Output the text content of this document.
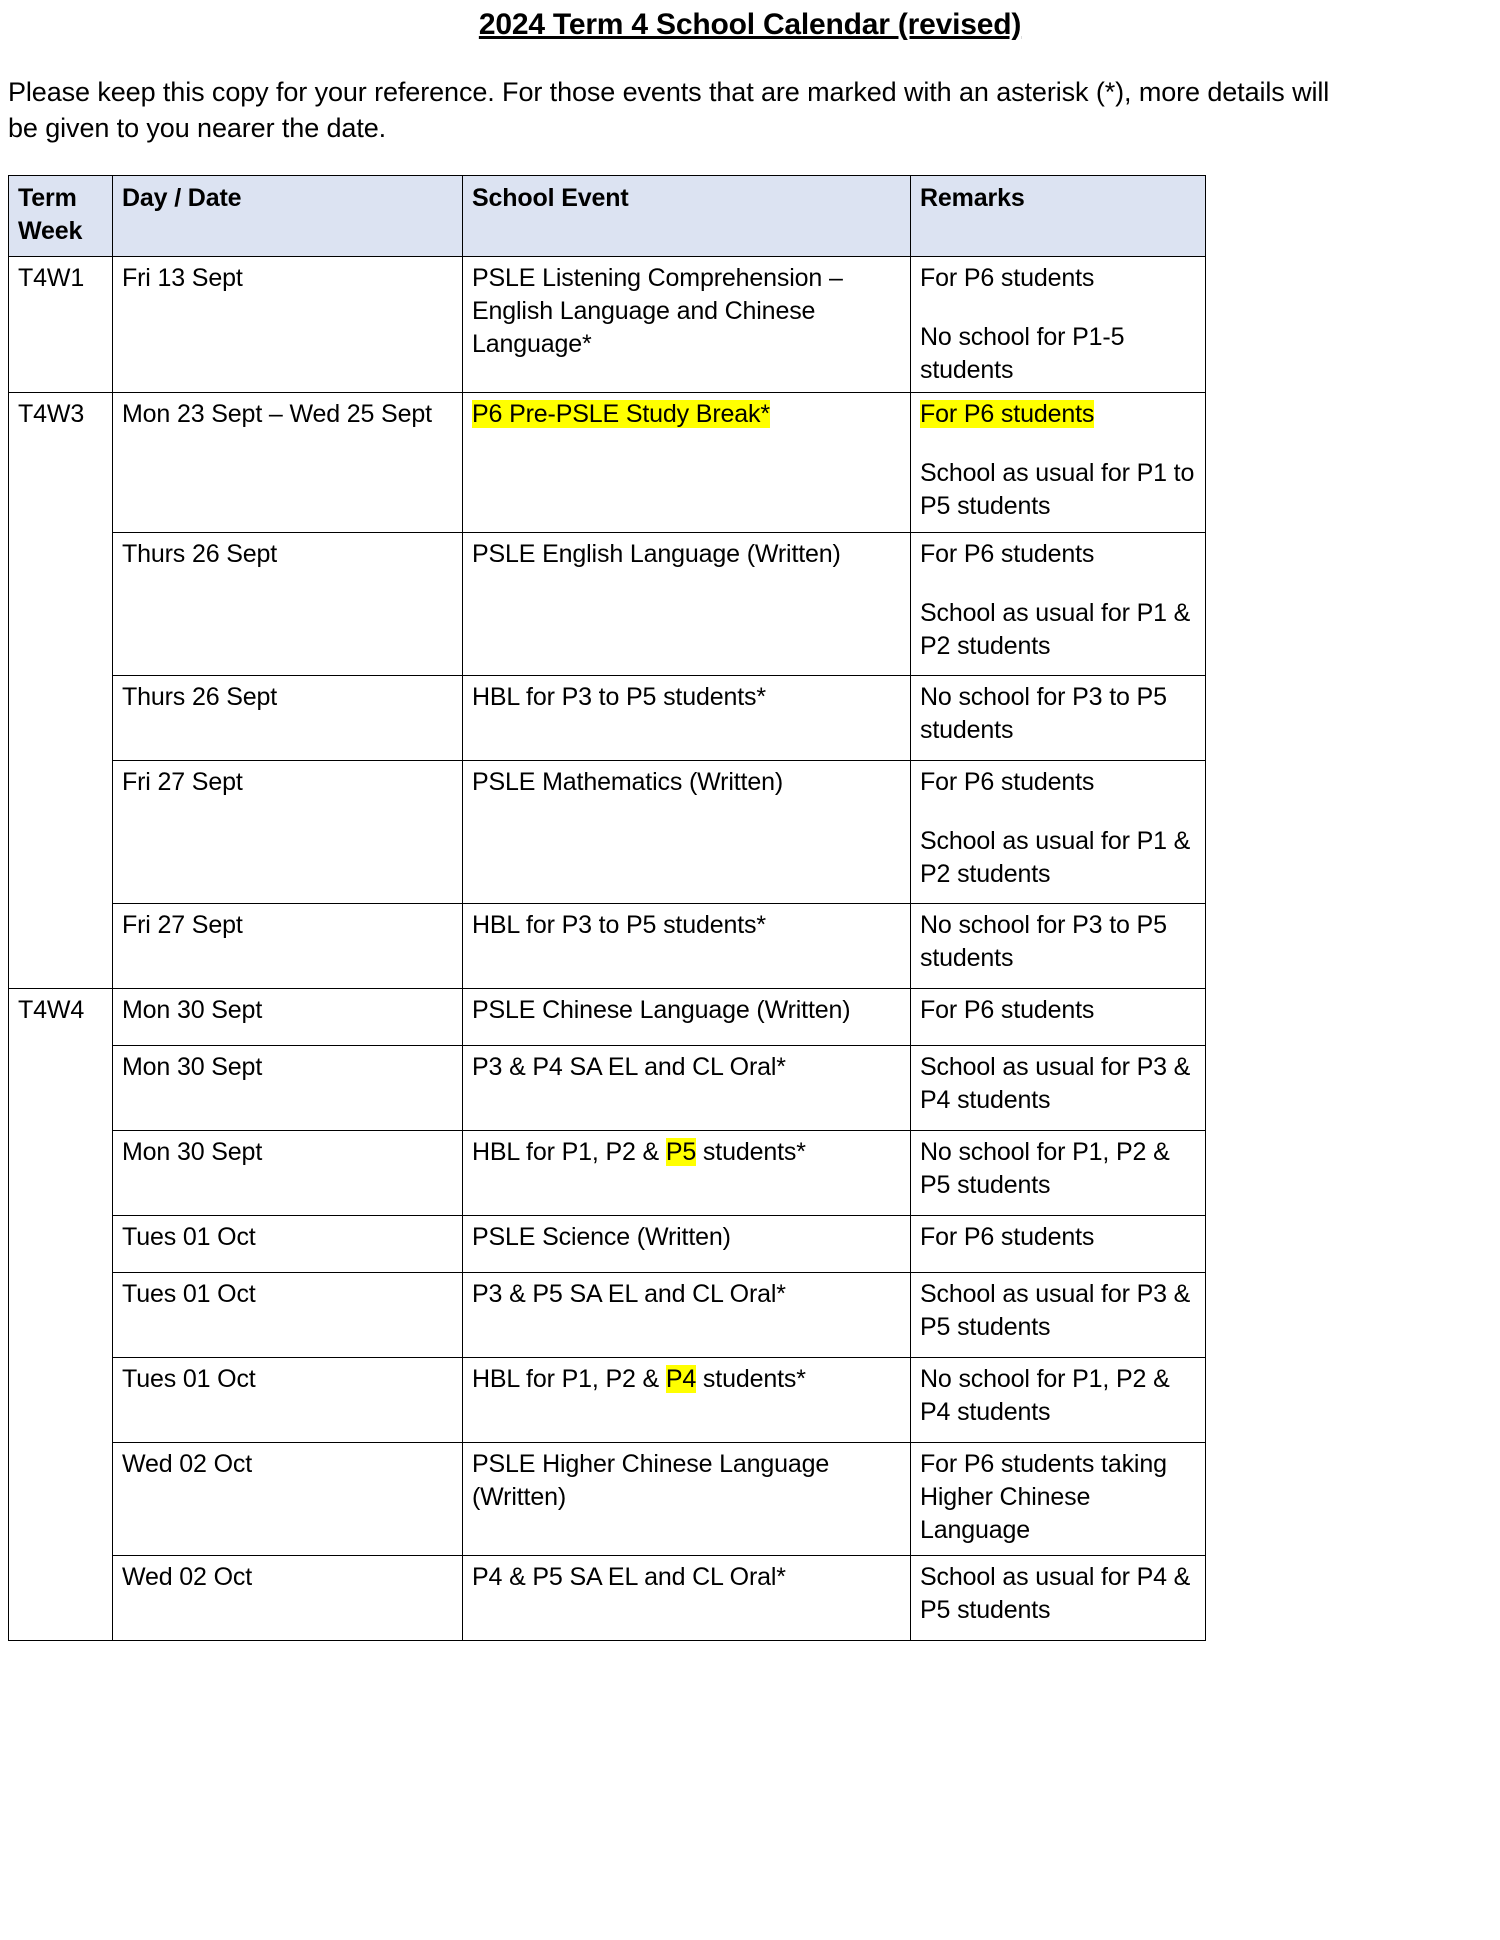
2024 Term 4 School Calendar (revised)
Please keep this copy for your reference. For those events that are marked with an asterisk (*), more details will be given to you nearer the date.
Term
Week	Day / Date	School Event	Remarks
T4W1	Fri 13 Sept	PSLE Listening Comprehension – English Language and Chinese Language*	For P6 students
No school for P1-5 students

T4W3	Mon 23 Sept – Wed 25 Sept	P6 Pre-PSLE Study Break*	For P6 students
School as usual for P1 to P5 students

	Thurs 26 Sept	PSLE English Language (Written)	For P6 students
School as usual for P1 & P2 students

	Thurs 26 Sept	HBL for P3 to P5 students*	No school for P3 to P5 students

	Fri 27 Sept	PSLE Mathematics (Written)	For P6 students
School as usual for P1 & P2 students

	Fri 27 Sept	HBL for P3 to P5 students*	No school for P3 to P5 students

T4W4	Mon 30 Sept	PSLE Chinese Language (Written)	For P6 students

	Mon 30 Sept	P3 & P4 SA EL and CL Oral*	School as usual for P3 & P4 students

	Mon 30 Sept	HBL for P1, P2 & P5 students*	No school for P1, P2 & P5 students

	Tues 01 Oct	PSLE Science (Written)	For P6 students

	Tues 01 Oct	P3 & P5 SA EL and CL Oral*	School as usual for P3 & P5 students

	Tues 01 Oct	HBL for P1, P2 & P4 students*	No school for P1, P2 & P4 students

	Wed 02 Oct	PSLE Higher Chinese Language (Written)	For P6 students taking Higher Chinese Language

	Wed 02 Oct	P4 & P5 SA EL and CL Oral*	School as usual for P4 & P5 students
